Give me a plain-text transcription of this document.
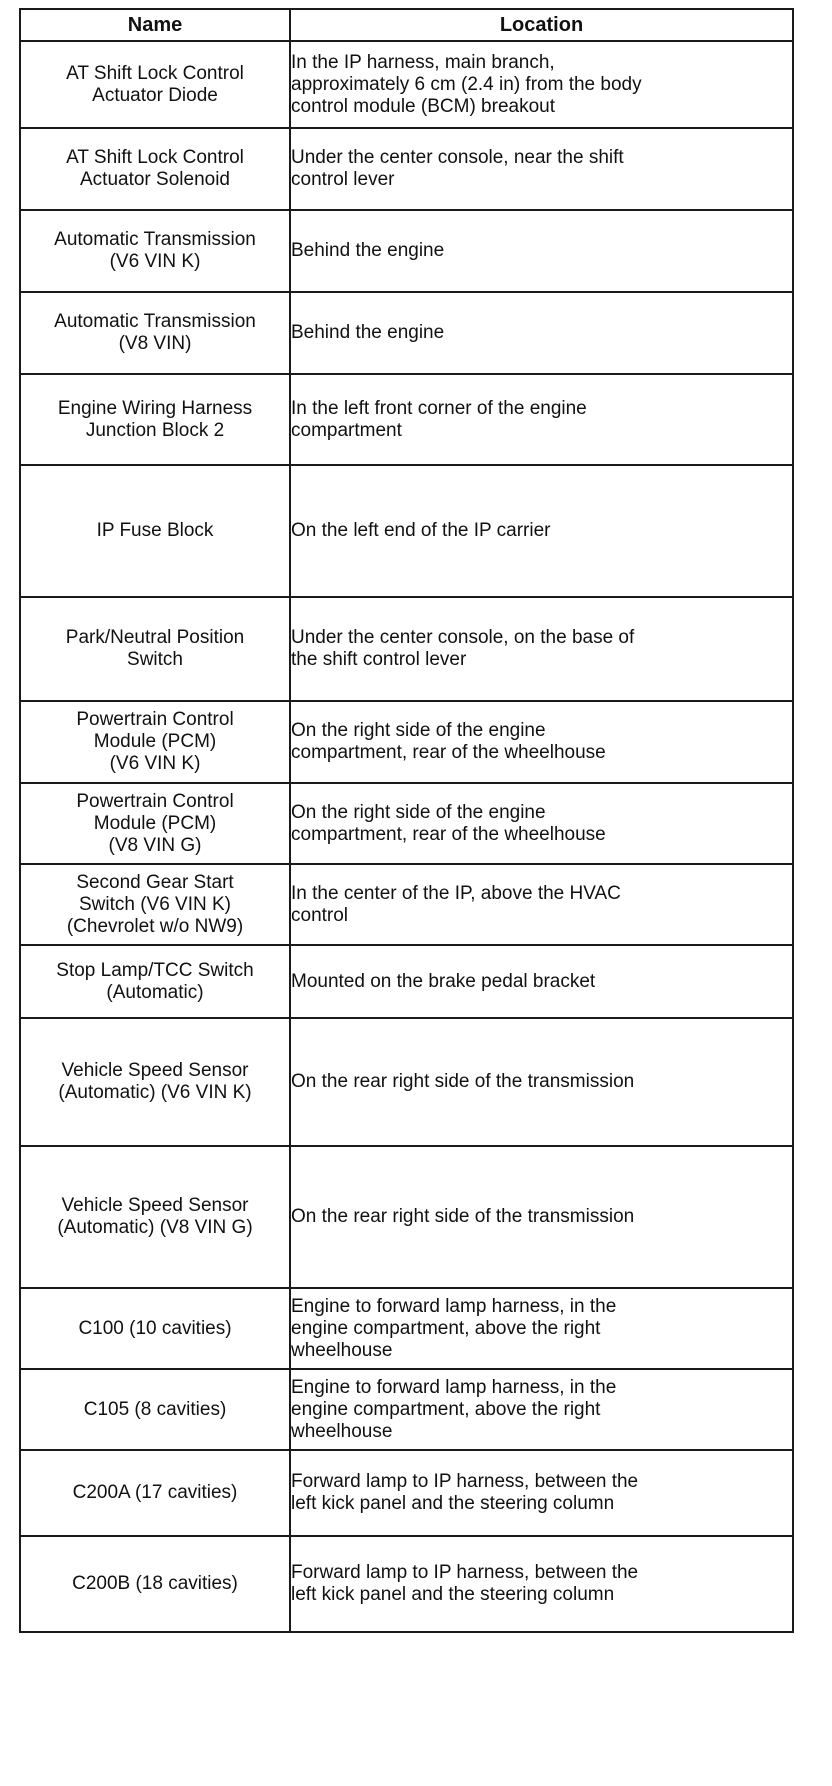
Name	Location

AT Shift Lock Control
Actuator Diode	In the IP harness, main branch,
approximately 6 cm (2.4 in) from the body
control module (BCM) breakout

AT Shift Lock Control
Actuator Solenoid	Under the center console, near the shift
control lever

Automatic Transmission
(V6 VIN K)	Behind the engine

Automatic Transmission
(V8 VIN)	Behind the engine

Engine Wiring Harness
Junction Block 2	In the left front corner of the engine
compartment

IP Fuse Block	On the left end of the IP carrier

Park/Neutral Position
Switch	Under the center console, on the base of
the shift control lever

Powertrain Control
Module (PCM)
(V6 VIN K)	On the right side of the engine
compartment, rear of the wheelhouse

Powertrain Control
Module (PCM)
(V8 VIN G)	On the right side of the engine
compartment, rear of the wheelhouse

Second Gear Start
Switch (V6 VIN K)
(Chevrolet w/o NW9)	In the center of the IP, above the HVAC
control

Stop Lamp/TCC Switch
(Automatic)	Mounted on the brake pedal bracket

Vehicle Speed Sensor
(Automatic) (V6 VIN K)	On the rear right side of the transmission

Vehicle Speed Sensor
(Automatic) (V8 VIN G)	On the rear right side of the transmission

C100 (10 cavities)	Engine to forward lamp harness, in the
engine compartment, above the right
wheelhouse

C105 (8 cavities)	Engine to forward lamp harness, in the
engine compartment, above the right
wheelhouse

C200A (17 cavities)	Forward lamp to IP harness, between the
left kick panel and the steering column

C200B (18 cavities)	Forward lamp to IP harness, between the
left kick panel and the steering column
